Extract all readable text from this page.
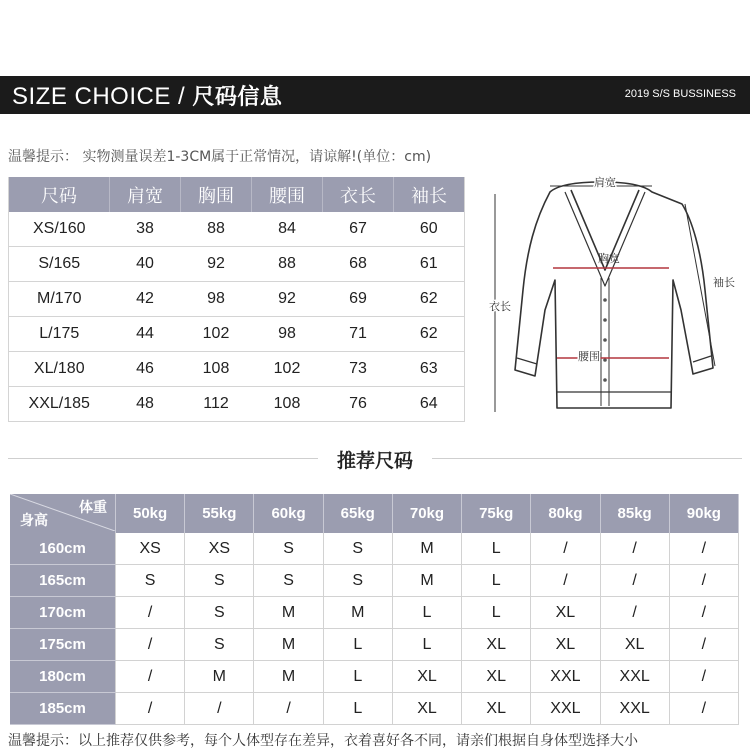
SIZE CHOICE / 尺码信息	2019 S/S BUSSINESS
温馨提示： 实物测量误差1-3CM属于正常情况，请谅解!(单位：cm)
尺码	肩宽	胸围	腰围	衣长	袖长
XS/160	38	88	84	67	60
S/165	40	92	88	68	61
M/170	42	98	92	69	62
L/175	44	102	98	71	62
XL/180	46	108	102	73	63
XXL/185	48	112	108	76	64
肩宽
胸宽
腰围
衣长
袖长
推荐尺码
体重
身高	50kg	55kg	60kg	65kg	70kg	75kg	80kg	85kg	90kg
160cm	XS	XS	S	S	M	L	/	/	/
165cm	S	S	S	S	M	L	/	/	/
170cm	/	S	M	M	L	L	XL	/	/
175cm	/	S	M	L	L	XL	XL	XL	/
180cm	/	M	M	L	XL	XL	XXL	XXL	/
185cm	/	/	/	L	XL	XL	XXL	XXL	/
温馨提示：以上推荐仅供参考，每个人体型存在差异，衣着喜好各不同，请亲们根据自身体型选择大小
